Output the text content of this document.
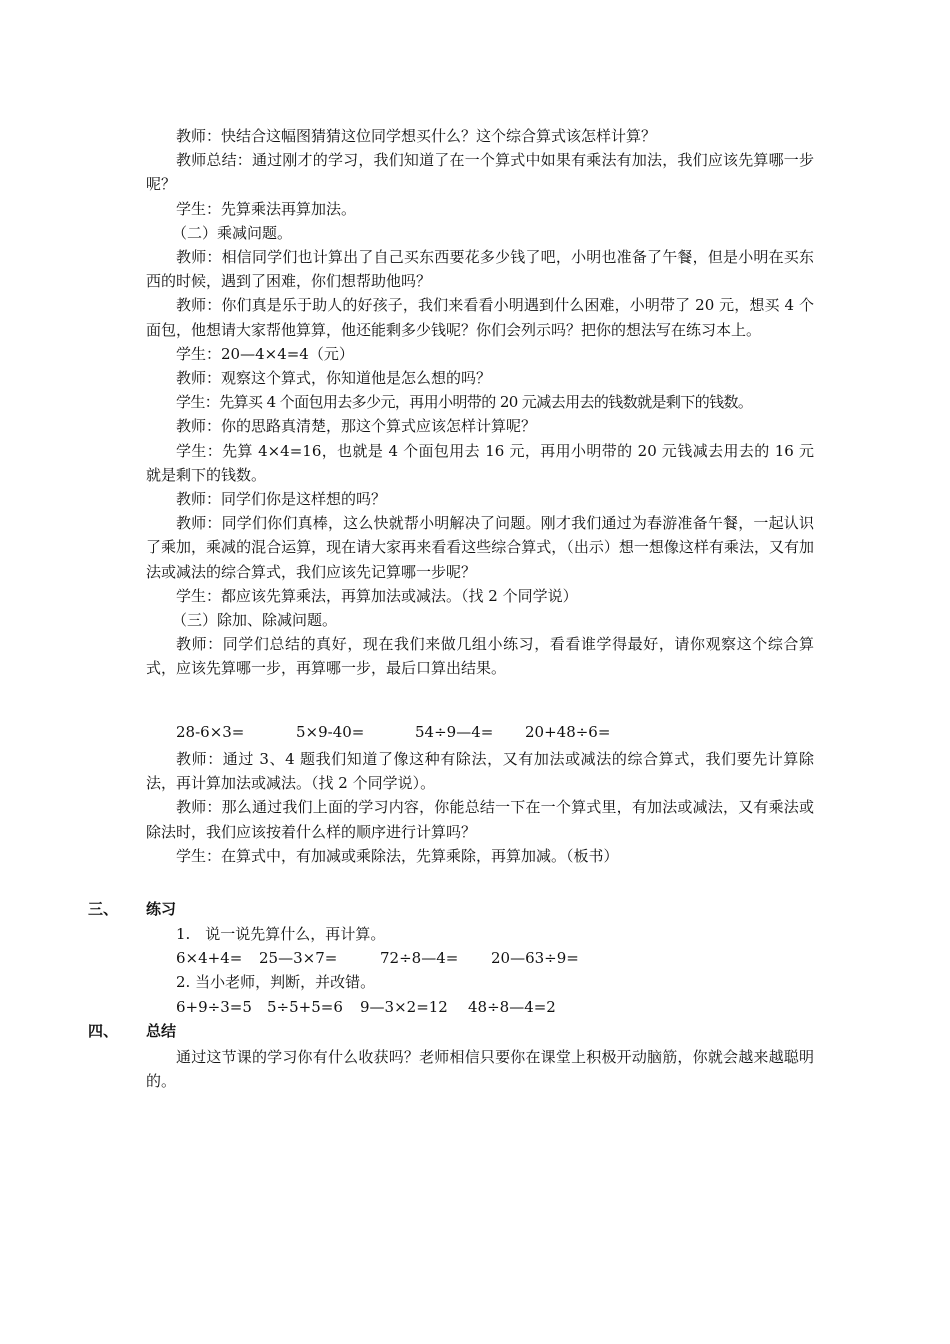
教师：快结合这幅图猜猜这位同学想买什么？这个综合算式该怎样计算？

教师总结：通过刚才的学习，我们知道了在一个算式中如果有乘法有加法，我们应该先算哪一步呢？

学生：先算乘法再算加法。

（二）乘减问题。

教师：相信同学们也计算出了自己买东西要花多少钱了吧，小明也准备了午餐，但是小明在买东西的时候，遇到了困难，你们想帮助他吗？

教师：你们真是乐于助人的好孩子，我们来看看小明遇到什么困难，小明带了 20 元，想买 4 个面包，他想请大家帮他算算，他还能剩多少钱呢？你们会列示吗？把你的想法写在练习本上。

学生：20—4×4=4（元）

教师：观察这个算式，你知道他是怎么想的吗？

学生：先算买 4 个面包用去多少元，再用小明带的 20 元减去用去的钱数就是剩下的钱数。

教师：你的思路真清楚，那这个算式应该怎样计算呢？

学生：先算 4×4=16，也就是 4 个面包用去 16 元，再用小明带的 20 元钱减去用去的 16 元就是剩下的钱数。

教师：同学们你是这样想的吗？

教师：同学们你们真棒，这么快就帮小明解决了问题。刚才我们通过为春游准备午餐，一起认识了乘加，乘减的混合运算，现在请大家再来看看这些综合算式，（出示）想一想像这样有乘法，又有加法或减法的综合算式，我们应该先记算哪一步呢？

学生：都应该先算乘法，再算加法或减法。（找 2 个同学说）

（三）除加、除减问题。

教师：同学们总结的真好，现在我们来做几组小练习，看看谁学得最好，请你观察这个综合算式，应该先算哪一步，再算哪一步，最后口算出结果。

28-6×3=	5×9-40=	54÷9—4= 20+48÷6=

教师：通过 3、4 题我们知道了像这种有除法，又有加法或减法的综合算式，我们要先计算除法，再计算加法或减法。（找 2 个同学说）。

教师：那么通过我们上面的学习内容，你能总结一下在一个算式里，有加法或减法，又有乘法或除法时，我们应该按着什么样的顺序进行计算吗？

学生：在算式中，有加减或乘除法，先算乘除，再算加减。（板书）

三、 练习
1.　说一说先算什么，再计算。
6×4+4= 25—3×7=	72÷8—4= 20—63÷9=
2. 当小老师，判断，并改错。
6+9÷3=5 5÷5+5=6 9—3×2=12 48÷8—4=2
四、 总结

通过这节课的学习你有什么收获吗？老师相信只要你在课堂上积极开动脑筋，你就会越来越聪明的。
